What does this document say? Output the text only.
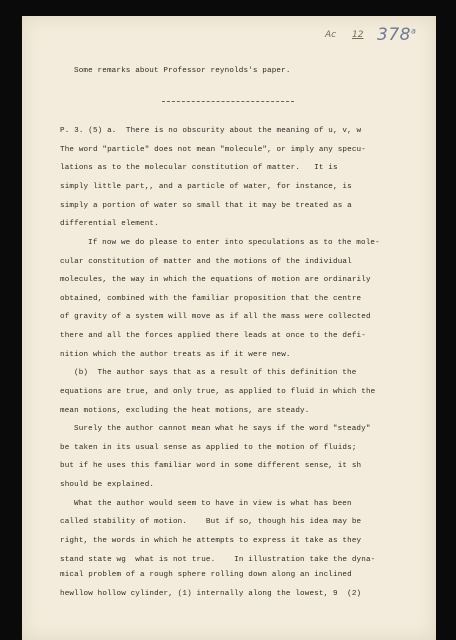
Ac 12 378$^a$
Some remarks about Professor reynolds's paper.
P. 3. (5) a.  There is no obscurity about the meaning of u, v, w
The word "particle" does not mean "molecule", or imply any specu-
lations as to the molecular constitution of matter.   It is
simply little part,, and a particle of water, for instance, is
simply a portion of water so small that it may be treated as a
differential element.
If now we do please to enter into speculations as to the mole-
cular constitution of matter and the motions of the individual
molecules, the way in which the equations of motion are ordinarily
obtained, combined with the familiar proposition that the centre
of gravity of a system will move as if all the mass were collected
there and all the forces applied there leads at once to the defi-
nition which the author treats as if it were new.
(b)  The author says that as a result of this definition the
equations are true, and only true, as applied to fluid in which the
mean motions, excluding the heat motions, are steady.
Surely the author cannot mean what he says if the word "steady"
be taken in its usual sense as applied to the motion of fluids;
but if he uses this familiar word in some different sense, it sh
should be explained.
What the author would seem to have in view is what has been
called stability of motion.    But if so, though his idea may be
right, the words in which he attempts to express it take as they
stand state wg  what is not true.    In illustration take the dyna-
mical problem of a rough sphere rolling down along an inclined
hewllow hollow cylinder, (1) internally along the lowest, 9  (2)
